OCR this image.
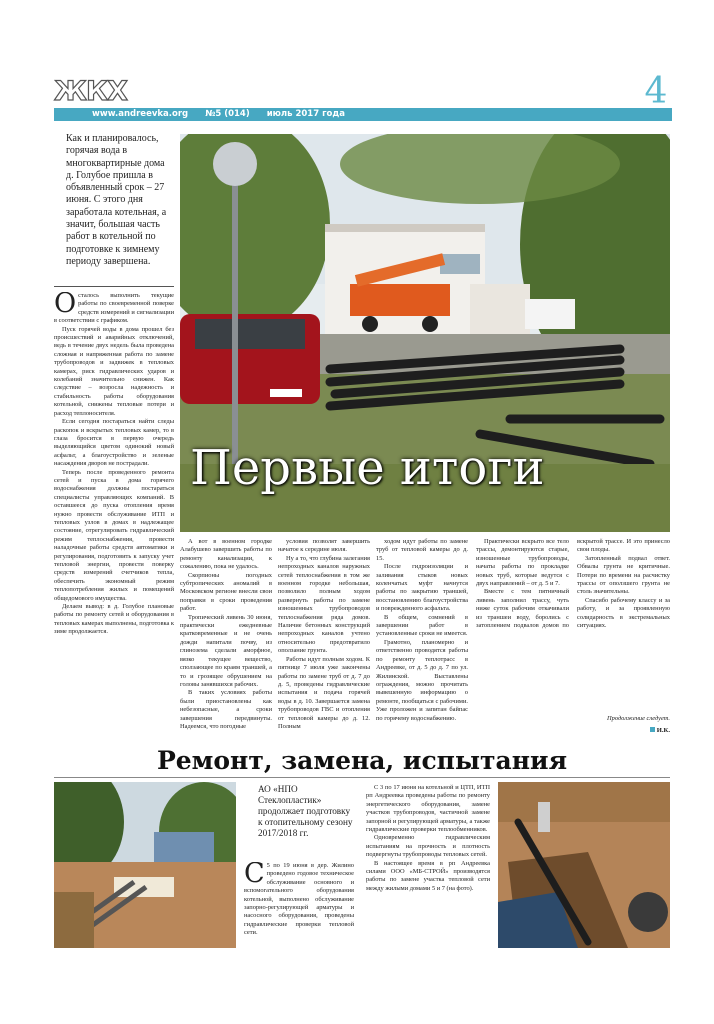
ЖКХ
www.andreevka.org №5 (014) июль 2017 года
4
Как и планировалось, горячая вода в многоквартирные дома д. Голубое пришла в объявленный срок – 27 июня. С этого дня заработала котельная, а значит, большая часть работ в котельной по подготовке к зимнему периоду завершена.
Первые итоги
О сталось выполнить текущие работы по своевременной поверке средств измерений и сигнализации в соответствии с графиком.

Пуск горячей воды в дома прошел без происшествий и аварийных отключений, ведь в течение двух недель была проведена сложная и напряженная работа по замене трубопроводов и задвижек в тепловых камерах, риск гидравлических ударов и колебаний значительно снижен. Как следствие – возросла надежность и стабильность работы оборудования котельной, снижены тепловые потери и расход теплоносителя.

Если сегодня постараться найти следы раскопок и вскрытых тепловых камер, то в глаза бросится в первую очередь выделяющийся цветом одинокий новый асфальт, а благоустройство и зеленые насаждения дворов не пострадали.

Теперь после проведенного ремонта сетей и пуска в дома горячего водоснабжения должны постараться специалисты управляющих компаний. В оставшееся до пуска отопления время нужно провести обслуживание ИТП и тепловых узлов в домах в надлежащее состояние, отрегулировать гидравлический режим теплоснабжения, провести наладочные работы средств автоматики и регулирования, подготовить к запуску учет тепловой энергии, провести поверку средств измерений счетчиков тепла, обеспечить экономный режим теплопотребления жилых и помещений общедомового имущества.

Делаем вывод: в д. Голубое плановые работы по ремонту сетей и оборудования в тепловых камерах выполнены, подготовка к зиме продолжается.

А вот в военном городке Алабушево завершить работы по ремонту канализации, к сожалению, пока не удалось.

Скорпионы погодных субтропических аномалий в Московском регионе внесли свои поправки в сроки проведения работ.

Тропический ливень 30 июня, практически ежедневные кратковременные и не очень дожди напитали почву, из глинозема сделали аморфное, вязко текущее вещество, сползающее по краям траншей, а то и грозящее обрушением на головы занявшихся рабочих.

В таких условиях работы были приостановлены как небезопасные, а сроки завершения передвинуты. Надеемся, что погодные

условия позволят завершить начатое к середине июля.

Ну а то, что глубина залегания непроходных каналов наружных сетей теплоснабжения в том же военном городке небольшая, позволило полным ходом развернуть работы по замене изношенных трубопроводов теплоснабжения ряда домов. Наличие бетонных конструкций непроходных каналов учтено относительно предотвратило оползание грунта.

Работы идут полным ходом. К пятнице 7 июля уже закончены работы по замене труб от д. 7 до д. 5, проведены гидравлические испытания и подача горячей воды в д. 10. Завершается замена трубопроводов ГВС и отопления от тепловой камеры до д. 12. Полным

ходом идут работы по замене труб от тепловой камеры до д. 15.

После гидроизоляции и заливания стыков новых коленчатых муфт начнутся работы по закрытию траншей, восстановлению благоустройства и поврежденного асфальта.

В общем, сомнений в завершении работ в установленные сроки не имеется.

Грамотно, планомерно и ответственно проводятся работы по ремонту теплотрасс в Андреевке, от д. 5 до д. 7 по ул. Жилинской. Выставлены ограждения, можно прочитать вывешенную информацию о ремонте, пообщаться с рабочими. Уже проложен и запитан байпас по горячему водоснабжению.

Практически вскрыто все тело трассы, демонтируются старые, изношенные трубопроводы, начаты работы по прокладке новых труб, которые ведутся с двух направлений – от д. 5 и 7.

Вместе с тем пятничный ливень заполнил трассу, чуть ниже суток рабочим откачивали из траншеи воду, боролись с затоплением подвалов домов по вскрытой трассе. И это принесло свои плоды.

Затопленный подвал ответ. Обвалы грунта не критичные. Потери по времени на расчистку трассы от оползшего грунта не столь значительны.

Спасибо рабочему классу и за работу, и за проявленную солидарность в экстремальных ситуациях.

Продолжение следует.
И.К.
Ремонт, замена, испытания
АО «НПО Стеклопластик» продолжает подготовку к отопительному сезону 2017/2018 гг.
С 5 по 19 июня в дер. Жилино проведено годовое техническое обслуживание основного и вспомогательного оборудования котельной, выполнено обслуживание запорно-регулирующей арматуры и насосного оборудования, проведены гидравлические проверки тепловой сети.

С 3 по 17 июня на котельной и ЦТП, ИТП рп Андреевка проведены работы по ремонту энергетического оборудования, замене участков трубопроводов, частичной замене запорной и регулирующей арматуры, а также гидравлические проверки теплообменников.

Одновременно гидравлическим испытаниям на прочность и плотность подвергнуты трубопроводы тепловых сетей.

В настоящее время в рп Андреевка силами ООО «МБ-СТРОЙ» производятся работы по замене участка тепловой сети между жилыми домами 5 и 7 (на фото).
